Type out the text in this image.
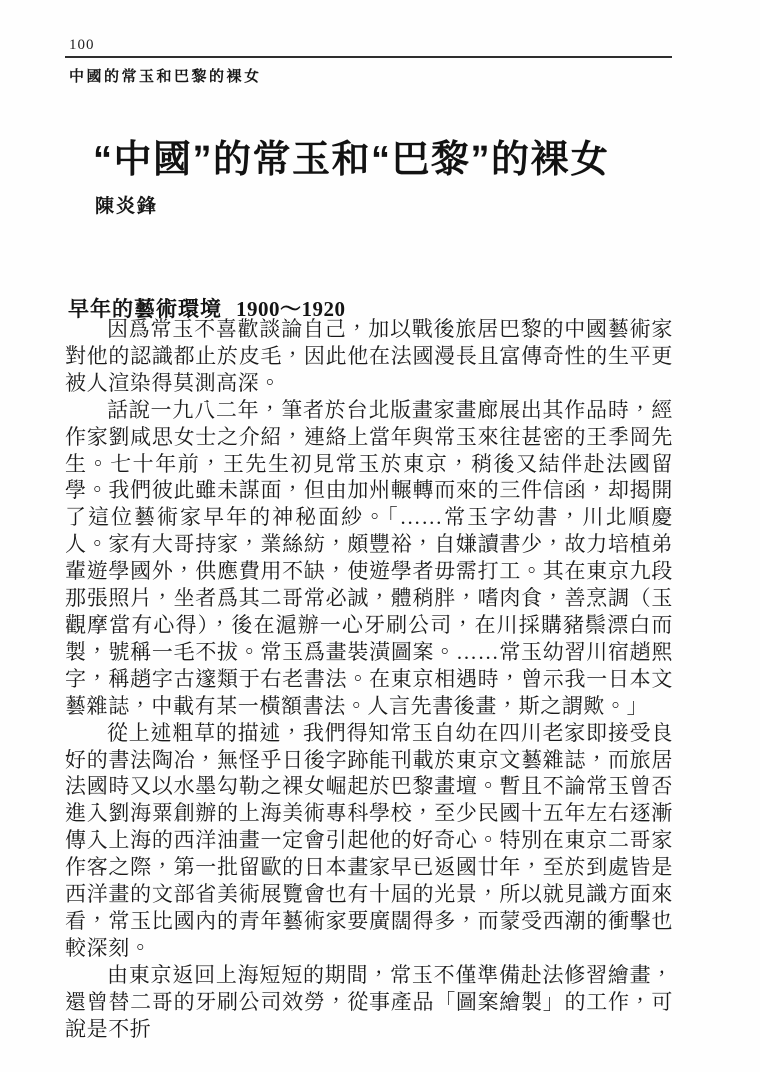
100
中國的常玉和巴黎的裸女
“中國”的常玉和“巴黎”的裸女
陳炎鋒
早年的藝術環境 1900～1920

因爲常玉不喜歡談論自己，加以戰後旅居巴黎的中國藝術家對他的認識都止於皮毛，因此他在法國漫長且富傳奇性的生平更被人渲染得莫測高深。

話說一九八二年，筆者於台北版畫家畫廊展出其作品時，經作家劉咸思女士之介紹，連絡上當年與常玉來往甚密的王季岡先生。七十年前，王先生初見常玉於東京，稍後又結伴赴法國留學。我們彼此雖未謀面，但由加州輾轉而來的三件信函，却揭開了這位藝術家早年的神秘面紗。「……常玉字幼書，川北順慶人。家有大哥持家，業絲紡，頗豐裕，自嫌讀書少，故力培植弟輩遊學國外，供應費用不缺，使遊學者毋需打工。其在東京九段那張照片，坐者爲其二哥常必誠，體稍胖，嗜肉食，善烹調（玉觀摩當有心得），後在滬辦一心牙刷公司，在川採購豬鬃漂白而製，號稱一毛不拔。常玉爲畫裝潢圖案。……常玉幼習川宿趙熙字，稱趙字古邃類于右老書法。在東京相遇時，曾示我一日本文藝雜誌，中載有某一橫額書法。人言先書後畫，斯之謂歟。」

從上述粗草的描述，我們得知常玉自幼在四川老家即接受良好的書法陶冶，無怪乎日後字跡能刊載於東京文藝雜誌，而旅居法國時又以水墨勾勒之裸女崛起於巴黎畫壇。暫且不論常玉曾否進入劉海粟創辦的上海美術專科學校，至少民國十五年左右逐漸傳入上海的西洋油畫一定會引起他的好奇心。特別在東京二哥家作客之際，第一批留歐的日本畫家早已返國廿年，至於到處皆是西洋畫的文部省美術展覽會也有十屆的光景，所以就見識方面來看，常玉比國內的青年藝術家要廣闊得多，而蒙受西潮的衝擊也較深刻。

由東京返回上海短短的期間，常玉不僅準備赴法修習繪畫，還曾替二哥的牙刷公司效勞，從事產品「圖案繪製」的工作，可說是不折
